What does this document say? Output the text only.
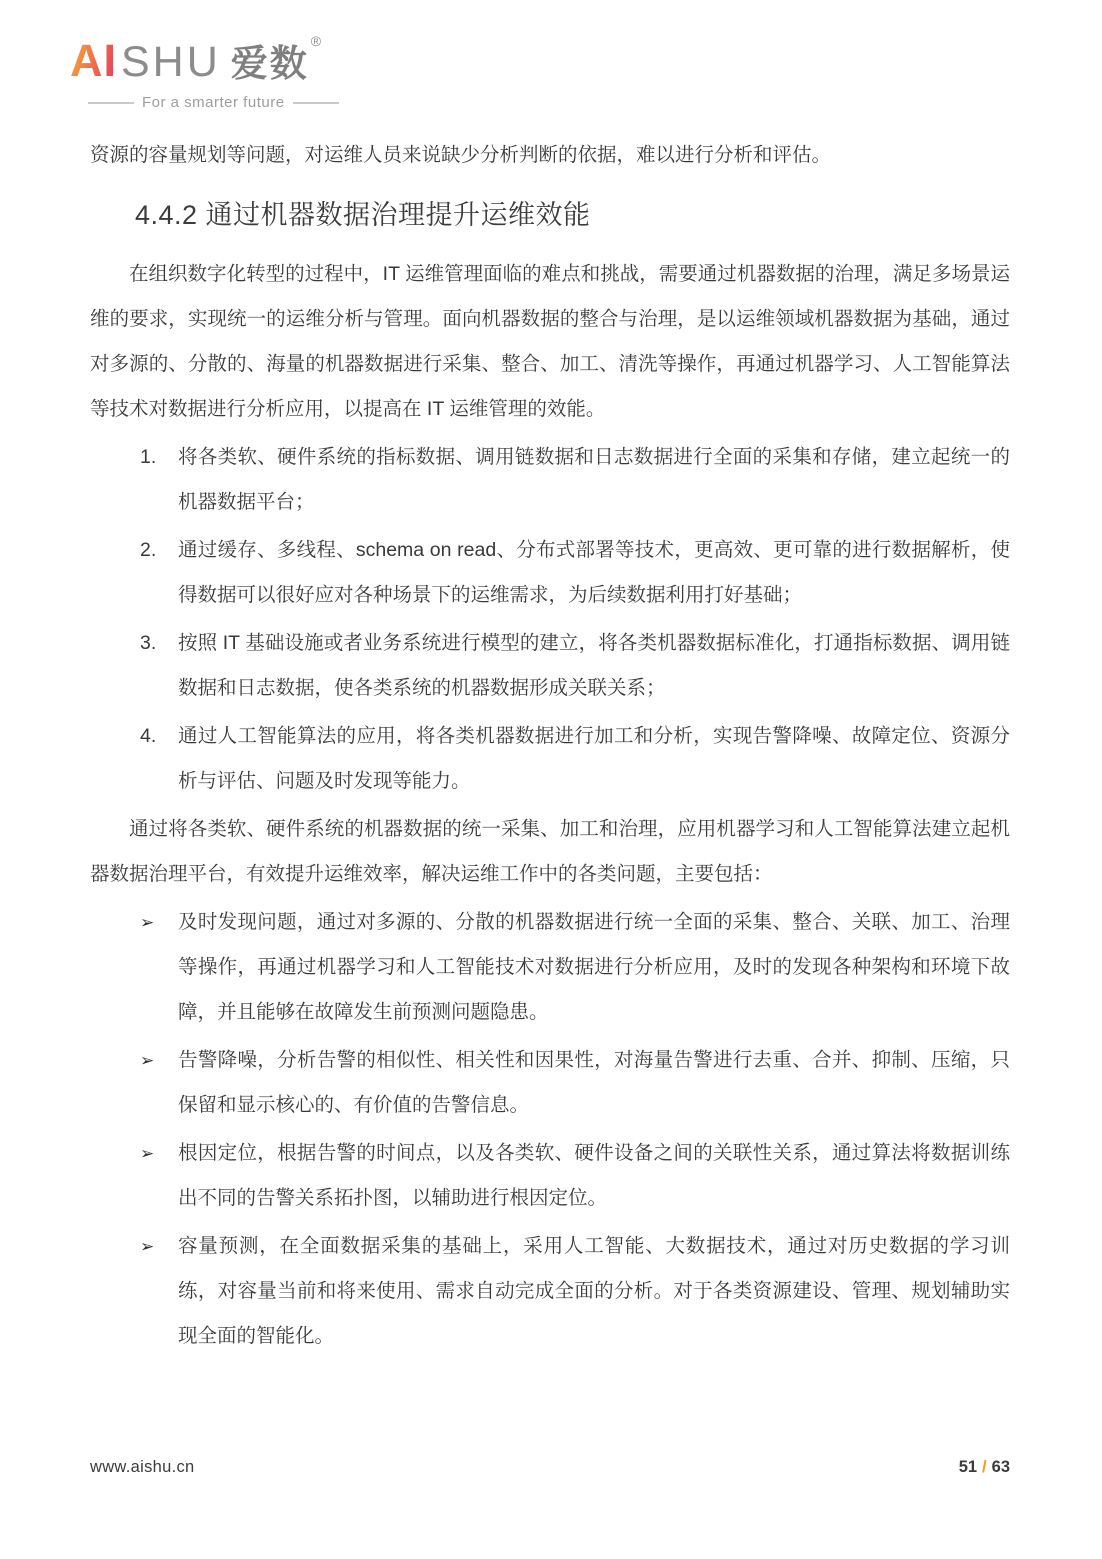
AI SHU 爱数
®
For a smarter future

资源的容量规划等问题，对运维人员来说缺少分析判断的依据，难以进行分析和评估。

4.4.2 通过机器数据治理提升运维效能

在组织数字化转型的过程中，IT 运维管理面临的难点和挑战，需要通过机器数据的治理，满足多场景运维的要求，实现统一的运维分析与管理。面向机器数据的整合与治理，是以运维领域机器数据为基础，通过对多源的、分散的、海量的机器数据进行采集、整合、加工、清洗等操作，再通过机器学习、人工智能算法等技术对数据进行分析应用，以提高在 IT 运维管理的效能。

1.	将各类软、硬件系统的指标数据、调用链数据和日志数据进行全面的采集和存储，建立起统一的机器数据平台；
2.	通过缓存、多线程、schema on read、分布式部署等技术，更高效、更可靠的进行数据解析，使得数据可以很好应对各种场景下的运维需求，为后续数据利用打好基础；
3.	按照 IT 基础设施或者业务系统进行模型的建立，将各类机器数据标准化，打通指标数据、调用链数据和日志数据，使各类系统的机器数据形成关联关系；
4.	通过人工智能算法的应用，将各类机器数据进行加工和分析，实现告警降噪、故障定位、资源分析与评估、问题及时发现等能力。

通过将各类软、硬件系统的机器数据的统一采集、加工和治理，应用机器学习和人工智能算法建立起机器数据治理平台，有效提升运维效率，解决运维工作中的各类问题，主要包括：

➢	及时发现问题，通过对多源的、分散的机器数据进行统一全面的采集、整合、关联、加工、治理等操作，再通过机器学习和人工智能技术对数据进行分析应用，及时的发现各种架构和环境下故障，并且能够在故障发生前预测问题隐患。
➢	告警降噪，分析告警的相似性、相关性和因果性，对海量告警进行去重、合并、抑制、压缩，只保留和显示核心的、有价值的告警信息。
➢	根因定位，根据告警的时间点，以及各类软、硬件设备之间的关联性关系，通过算法将数据训练出不同的告警关系拓扑图，以辅助进行根因定位。
➢	容量预测，在全面数据采集的基础上，采用人工智能、大数据技术，通过对历史数据的学习训练，对容量当前和将来使用、需求自动完成全面的分析。对于各类资源建设、管理、规划辅助实现全面的智能化。
www.aishu.cn	51 / 63
